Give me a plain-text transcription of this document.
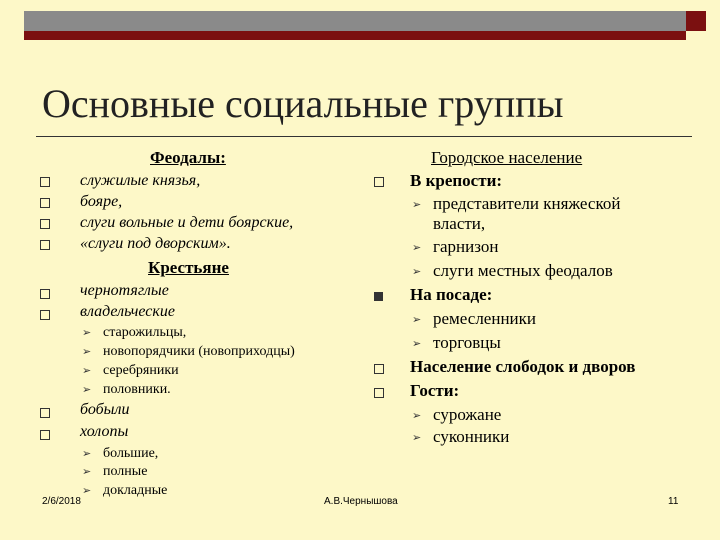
Основные социальные группы
Феодалы:
служилые князья,
бояре,
слуги вольные и дети боярские,
«слуги под дворским».
Крестьяне
чернотяглые
владельческие
➢ старожильцы,
➢ новопорядчики (новоприходцы)
➢ серебряники
➢ половники.
бобыли
холопы
➢ большие,
➢ полные
➢ докладные
Городское население
В крепости:
➢ представители княжеской
власти,
➢ гарнизон
➢ слуги местных феодалов
На посаде:
➢ ремесленники
➢ торговцы
Население слободок и дворов
Гости:
➢ сурожане
➢ суконники
2/6/2018	А.В.Чернышова	11
